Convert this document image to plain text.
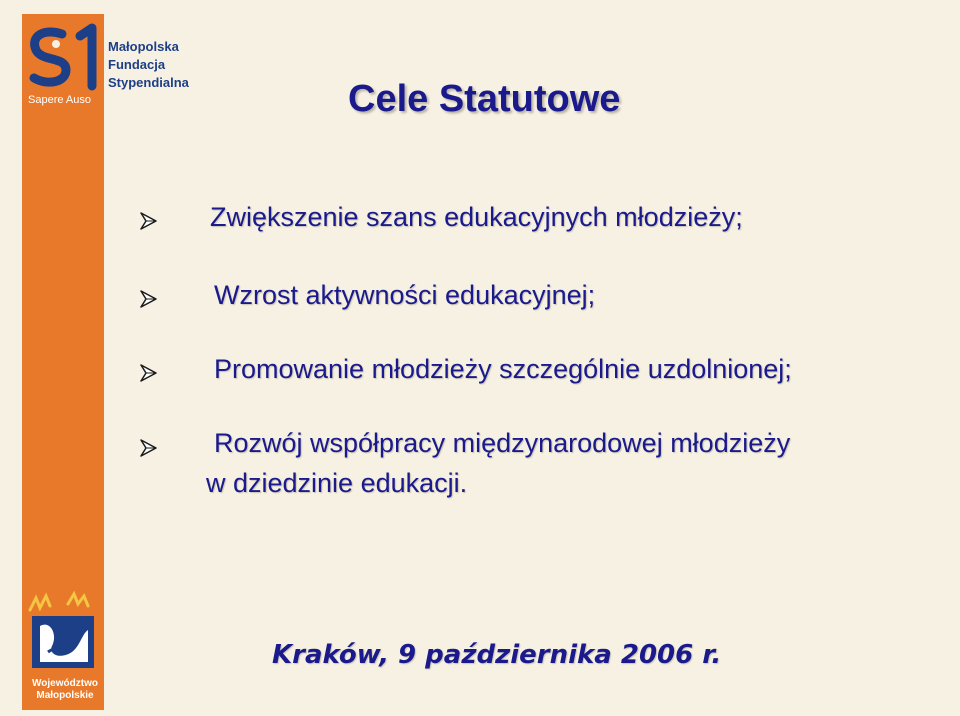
Sapere Auso
Małopolska
Fundacja
Stypendialna	Cele Statutowe
Zwiększenie szans edukacyjnych młodzieży;
Wzrost aktywności edukacyjnej;
Promowanie młodzieży szczególnie uzdolnionej;
Rozwój współpracy międzynarodowej młodzieży
w dziedzinie edukacji.
Kraków, 9 października 2006 r.
Województwo
Małopolskie
